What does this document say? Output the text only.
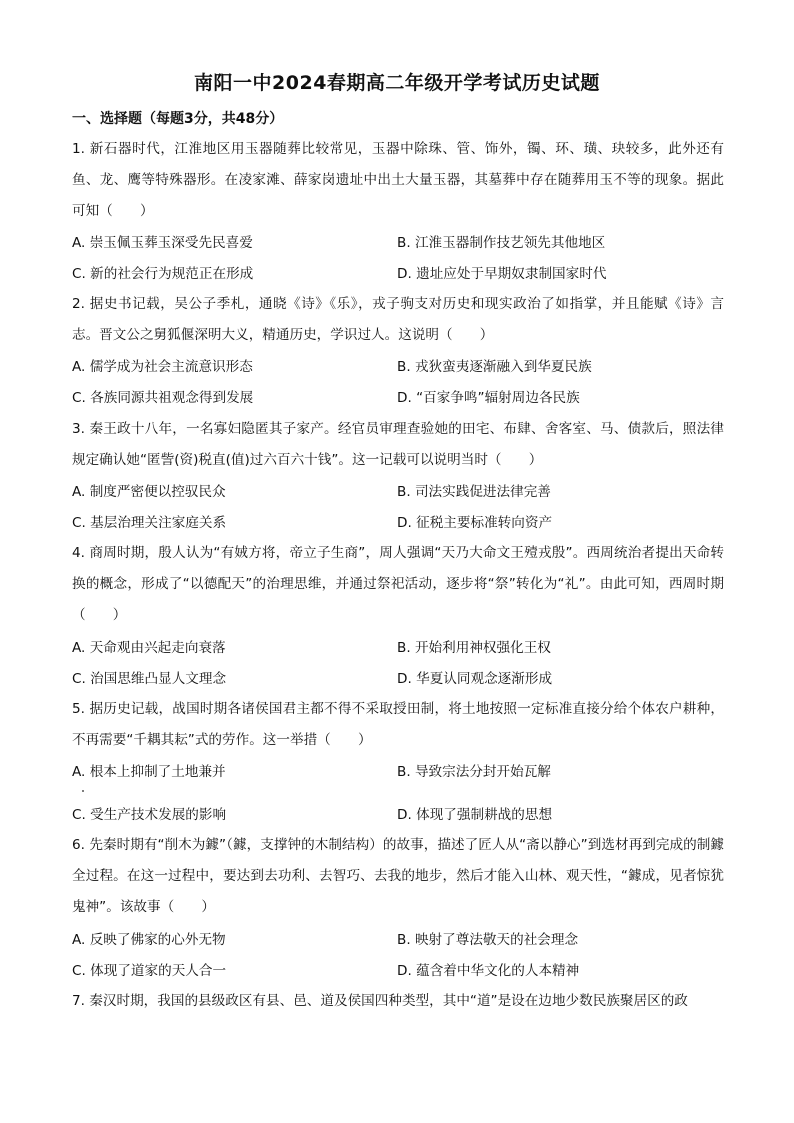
南阳一中2024春期高二年级开学考试历史试题
一、选择题（每题3分，共48分）
1. 新石器时代，江淮地区用玉器随葬比较常见，玉器中除珠、管、饰外，镯、环、璜、玦较多，此外还有鱼、龙、鹰等特殊器形。在凌家滩、薛家岗遗址中出土大量玉器，其墓葬中存在随葬用玉不等的现象。据此可知（　　）
A. 崇玉佩玉葬玉深受先民喜爱	B. 江淮玉器制作技艺领先其他地区
C. 新的社会行为规范正在形成	D. 遗址应处于早期奴隶制国家时代
2. 据史书记载，吴公子季札，通晓《诗》《乐》，戎子驹支对历史和现实政治了如指掌，并且能赋《诗》言志。晋文公之舅狐偃深明大义，精通历史，学识过人。这说明（　　）
A. 儒学成为社会主流意识形态	B. 戎狄蛮夷逐渐融入到华夏民族
C. 各族同源共祖观念得到发展	D. “百家争鸣”辐射周边各民族
3. 秦王政十八年，一名寡妇隐匿其子家产。经官员审理查验她的田宅、布肆、舍客室、马、债款后，照法律规定确认她“匿訾(资)税直(值)过六百六十钱”。这一记载可以说明当时（　　）
A. 制度严密便以控驭民众	B. 司法实践促进法律完善
C. 基层治理关注家庭关系	D. 征税主要标准转向资产
4. 商周时期，殷人认为“有娀方将，帝立子生商”，周人强调“天乃大命文王殪戎殷”。西周统治者提出天命转换的概念，形成了“以德配天”的治理思维，并通过祭祀活动，逐步将“祭”转化为“礼”。由此可知，西周时期（　　）
A. 天命观由兴起走向衰落	B. 开始利用神权强化王权
C. 治国思维凸显人文理念	D. 华夏认同观念逐渐形成
5. 据历史记载，战国时期各诸侯国君主都不得不采取授田制，将土地按照一定标准直接分给个体农户耕种，不再需要“千耦其耘”式的劳作。这一举措（　　）
A. 根本上抑制了土地兼并	B. 导致宗法分封开始瓦解
C. 受生产技术发展的影响	D. 体现了强制耕战的思想
6. 先秦时期有“削木为鐻”（鐻，支撑钟的木制结构）的故事，描述了匠人从“斋以静心”到选材再到完成的制鐻全过程。在这一过程中，要达到去功利、去智巧、去我的地步，然后才能入山林、观天性，“鐻成，见者惊犹鬼神”。该故事（　　）
A. 反映了佛家的心外无物	B. 映射了尊法敬天的社会理念
C. 体现了道家的天人合一	D. 蕴含着中华文化的人本精神
7. 秦汉时期，我国的县级政区有县、邑、道及侯国四种类型，其中“道”是设在边地少数民族聚居区的政
